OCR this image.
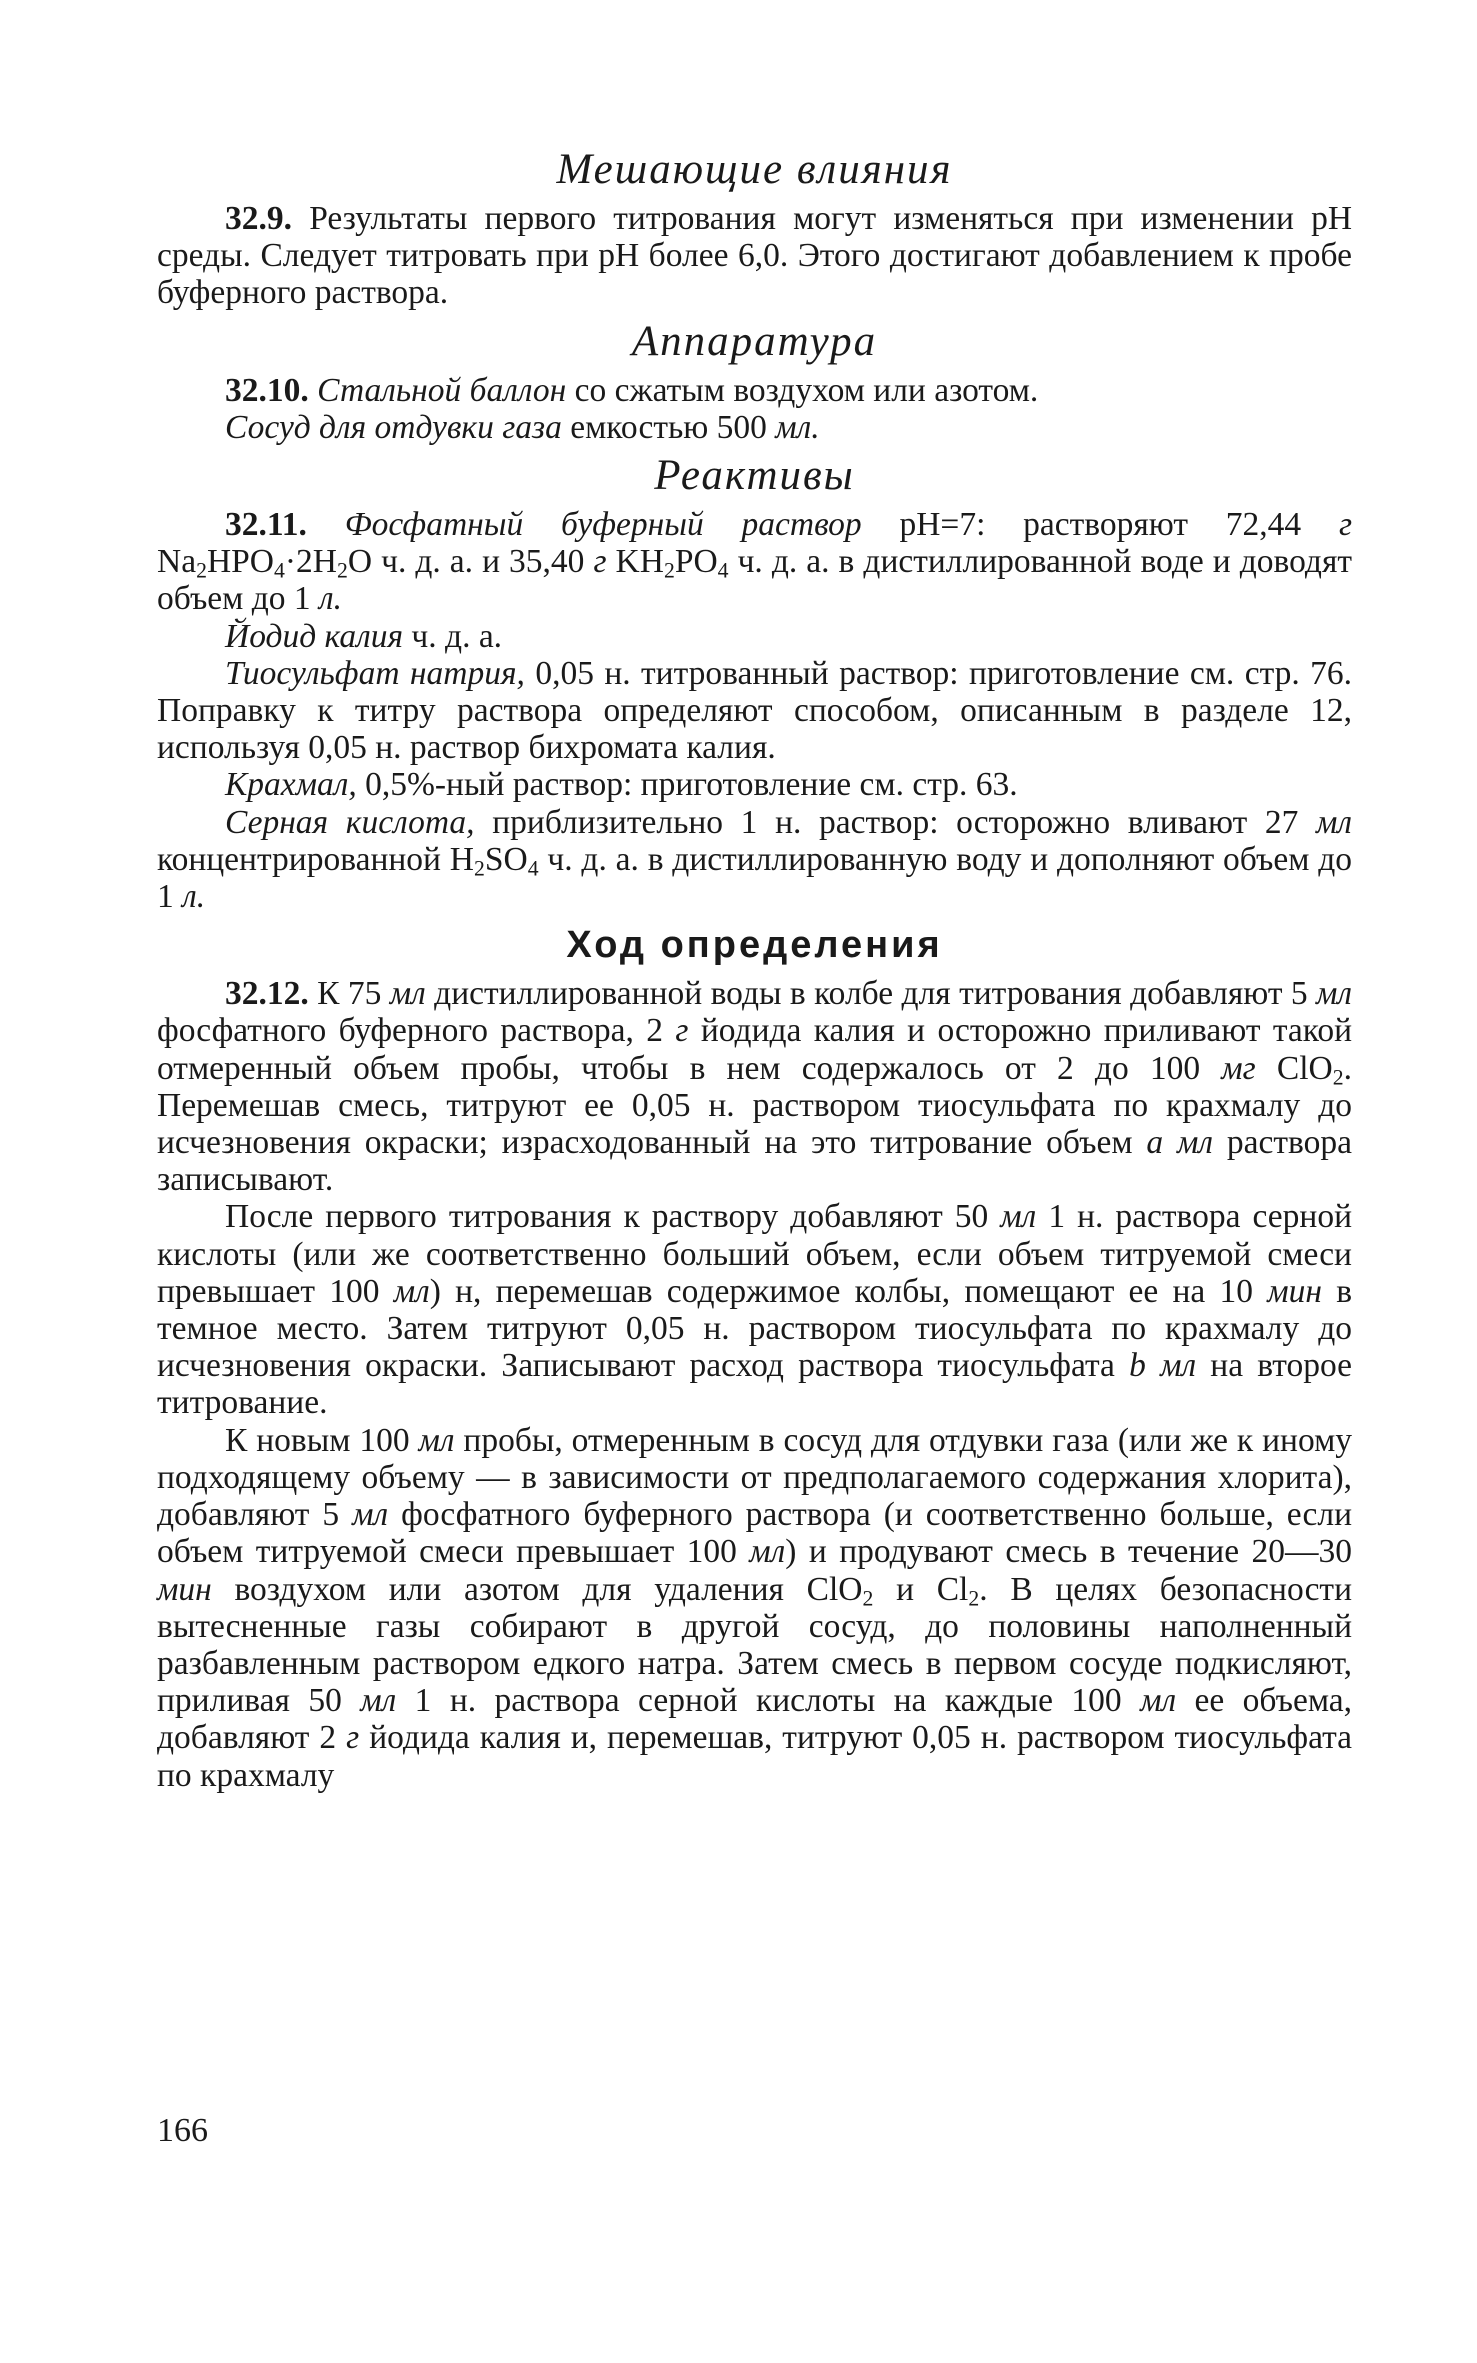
Мешающие влияния

32.9. Результаты первого титрования могут изменяться при изменении pH среды. Следует титровать при pH более 6,0. Этого достигают добавлением к пробе буферного раствора.

Аппаратура

32.10. Стальной баллон со сжатым воздухом или азотом.

Сосуд для отдувки газа емкостью 500 мл.

Реактивы

32.11. Фосфатный буферный раствор pH=7: растворяют 72,44 г $Na_2HPO_4\cdot 2H_2O$ ч. д. а. и 35,40 г $KH_2PO_4$ ч. д. а. в дистиллированной воде и доводят объем до 1 л.

Йодид калия ч. д. а.

Тиосульфат натрия, 0,05 н. титрованный раствор: приготовление см. стр. 76. Поправку к титру раствора определяют способом, описанным в разделе 12, используя 0,05 н. раствор бихромата калия.

Крахмал, 0,5%-ный раствор: приготовление см. стр. 63.

Серная кислота, приблизительно 1 н. раствор: осторожно вливают 27 мл концентрированной $H_2SO_4$ ч. д. а. в дистиллированную воду и дополняют объем до 1 л.

Ход определения

32.12. К 75 мл дистиллированной воды в колбе для титрования добавляют 5 мл фосфатного буферного раствора, 2 г йодида калия и осторожно приливают такой отмеренный объем пробы, чтобы в нем содержалось от 2 до 100 мг ClO$_2$. Перемешав смесь, титруют ее 0,05 н. раствором тиосульфата по крахмалу до исчезновения окраски; израсходованный на это титрование объем a мл раствора записывают.

После первого титрования к раствору добавляют 50 мл 1 н. раствора серной кислоты (или же соответственно больший объем, если объем титруемой смеси превышает 100 мл) н, перемешав содержимое колбы, помещают ее на 10 мин в темное место. Затем титруют 0,05 н. раствором тиосульфата по крахмалу до исчезновения окраски. Записывают расход раствора тиосульфата b мл на второе титрование.

К новым 100 мл пробы, отмеренным в сосуд для отдувки газа (или же к иному подходящему объему — в зависимости от предполагаемого содержания хлорита), добавляют 5 мл фосфатного буферного раствора (и соответственно больше, если объем титруемой смеси превышает 100 мл) и продувают смесь в течение 20—30 мин воздухом или азотом для удаления ClO$_2$ и $Cl_2$. В целях безопасности вытесненные газы собирают в другой сосуд, до половины наполненный разбавленным раствором едкого натра. Затем смесь в первом сосуде подкисляют, приливая 50 мл 1 н. раствора серной кислоты на каждые 100 мл ее объема, добавляют 2 г йодида калия и, перемешав, титруют 0,05 н. раствором тиосульфата по крахмалу

166
